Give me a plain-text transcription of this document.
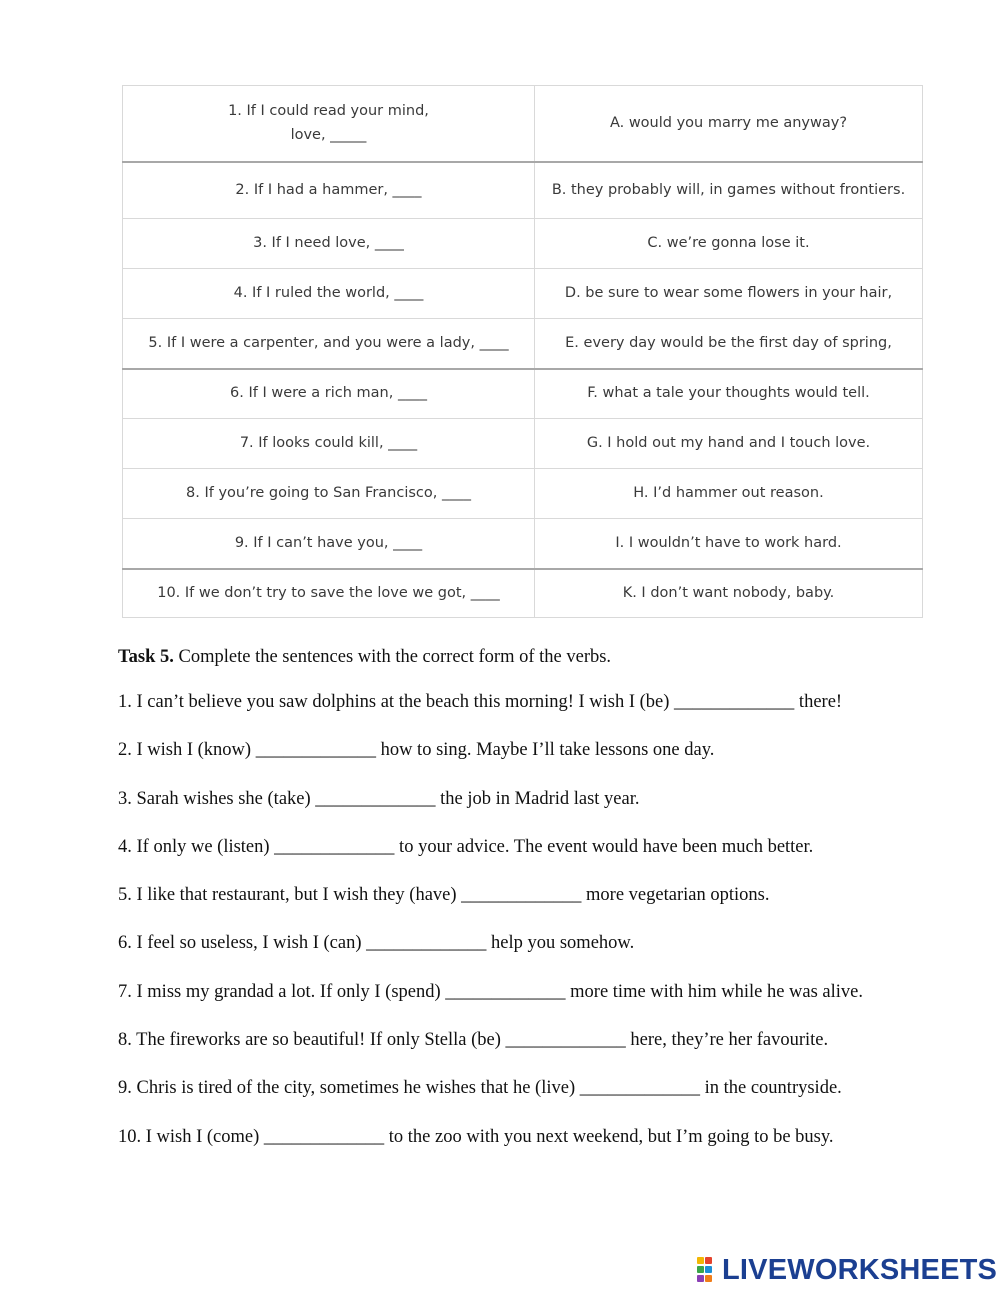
1. If I could read your mind,
love, _____	A. would you marry me anyway?
2. If I had a hammer, ____	B. they probably will, in games without frontiers.
3. If I need love, ____	C. we’re gonna lose it.
4. If I ruled the world, ____	D. be sure to wear some flowers in your hair,
5. If I were a carpenter, and you were a lady, ____	E. every day would be the first day of spring,
6. If I were a rich man, ____	F. what a tale your thoughts would tell.
7. If looks could kill, ____	G. I hold out my hand and I touch love.
8. If you’re going to San Francisco, ____	H. I’d hammer out reason.
9. If I can’t have you, ____	I. I wouldn’t have to work hard.
10. If we don’t try to save the love we got, ____	K. I don’t want nobody, baby.

Task 5. Complete the sentences with the correct form of the verbs.

1. I can’t believe you saw dolphins at the beach this morning! I wish I (be) _____________ there!

2. I wish I (know) _____________ how to sing. Maybe I’ll take lessons one day.

3. Sarah wishes she (take) _____________ the job in Madrid last year.

4. If only we (listen) _____________ to your advice. The event would have been much better.

5. I like that restaurant, but I wish they (have) _____________ more vegetarian options.

6. I feel so useless, I wish I (can) _____________ help you somehow.

7. I miss my grandad a lot. If only I (spend) _____________ more time with him while he was alive.

8. The fireworks are so beautiful! If only Stella (be) _____________ here, they’re her favourite.

9. Chris is tired of the city, sometimes he wishes that he (live) _____________ in the countryside.

10. I wish I (come) _____________ to the zoo with you next weekend, but I’m going to be busy.

LIVEWORKSHEETS
